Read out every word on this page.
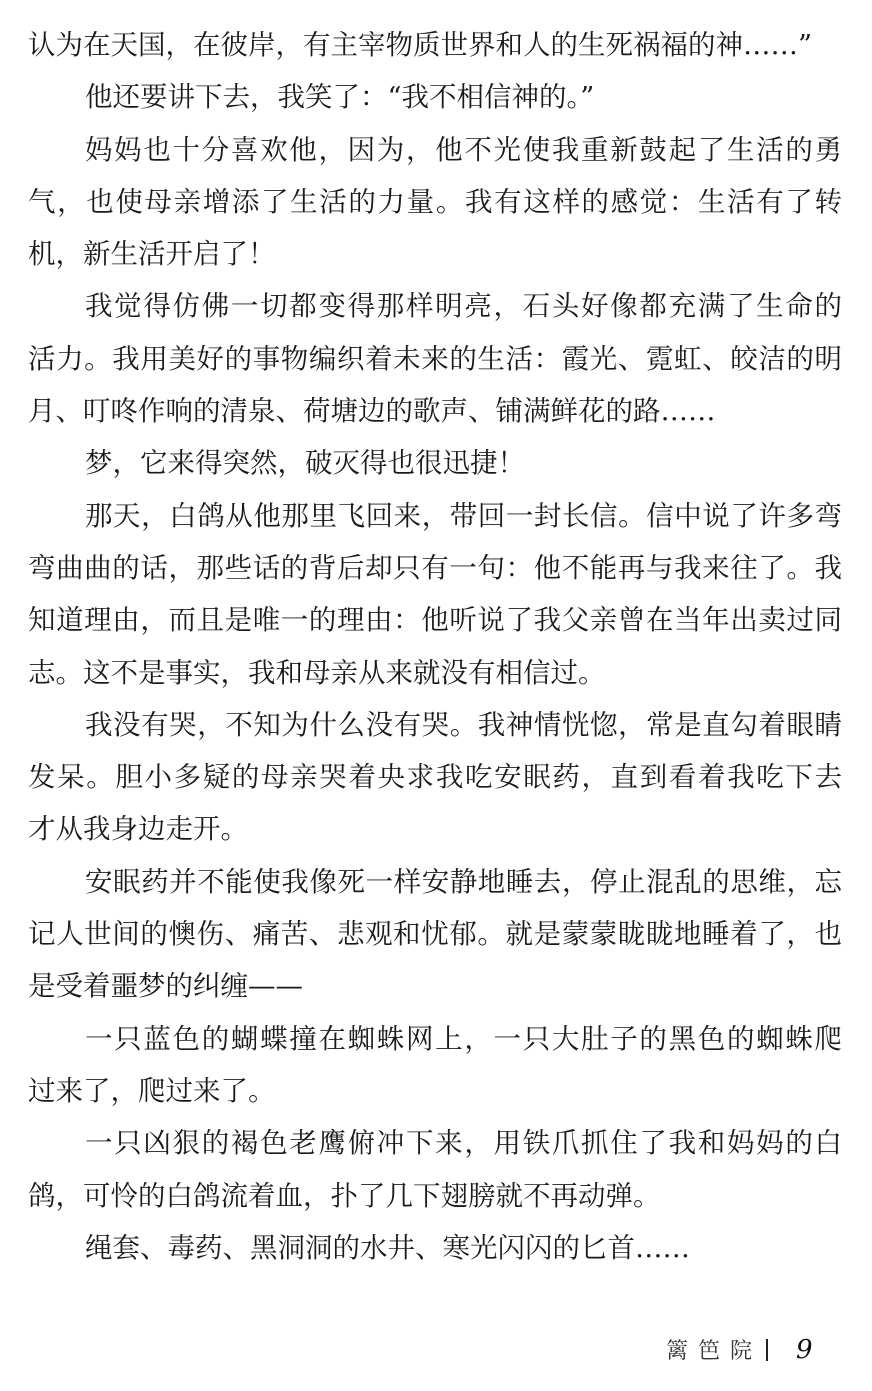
认为在天国，在彼岸，有主宰物质世界和人的生死祸福的神……”
他还要讲下去，我笑了：“我不相信神的。”
妈妈也十分喜欢他，因为，他不光使我重新鼓起了生活的勇
气，也使母亲增添了生活的力量。我有这样的感觉：生活有了转
机，新生活开启了！
我觉得仿佛一切都变得那样明亮，石头好像都充满了生命的
活力。我用美好的事物编织着未来的生活：霞光、霓虹、皎洁的明
月、叮咚作响的清泉、荷塘边的歌声、铺满鲜花的路……
梦，它来得突然，破灭得也很迅捷！
那天，白鸽从他那里飞回来，带回一封长信。信中说了许多弯
弯曲曲的话，那些话的背后却只有一句：他不能再与我来往了。我
知道理由，而且是唯一的理由：他听说了我父亲曾在当年出卖过同
志。这不是事实，我和母亲从来就没有相信过。
我没有哭，不知为什么没有哭。我神情恍惚，常是直勾着眼睛
发呆。胆小多疑的母亲哭着央求我吃安眠药，直到看着我吃下去
才从我身边走开。
安眠药并不能使我像死一样安静地睡去，停止混乱的思维，忘
记人世间的懊伤、痛苦、悲观和忧郁。就是蒙蒙眬眬地睡着了，也
是受着噩梦的纠缠——
一只蓝色的蝴蝶撞在蜘蛛网上，一只大肚子的黑色的蜘蛛爬
过来了，爬过来了。
一只凶狠的褐色老鹰俯冲下来，用铁爪抓住了我和妈妈的白
鸽，可怜的白鸽流着血，扑了几下翅膀就不再动弹。
绳套、毒药、黑洞洞的水井、寒光闪闪的匕首……
篱笆院 9
